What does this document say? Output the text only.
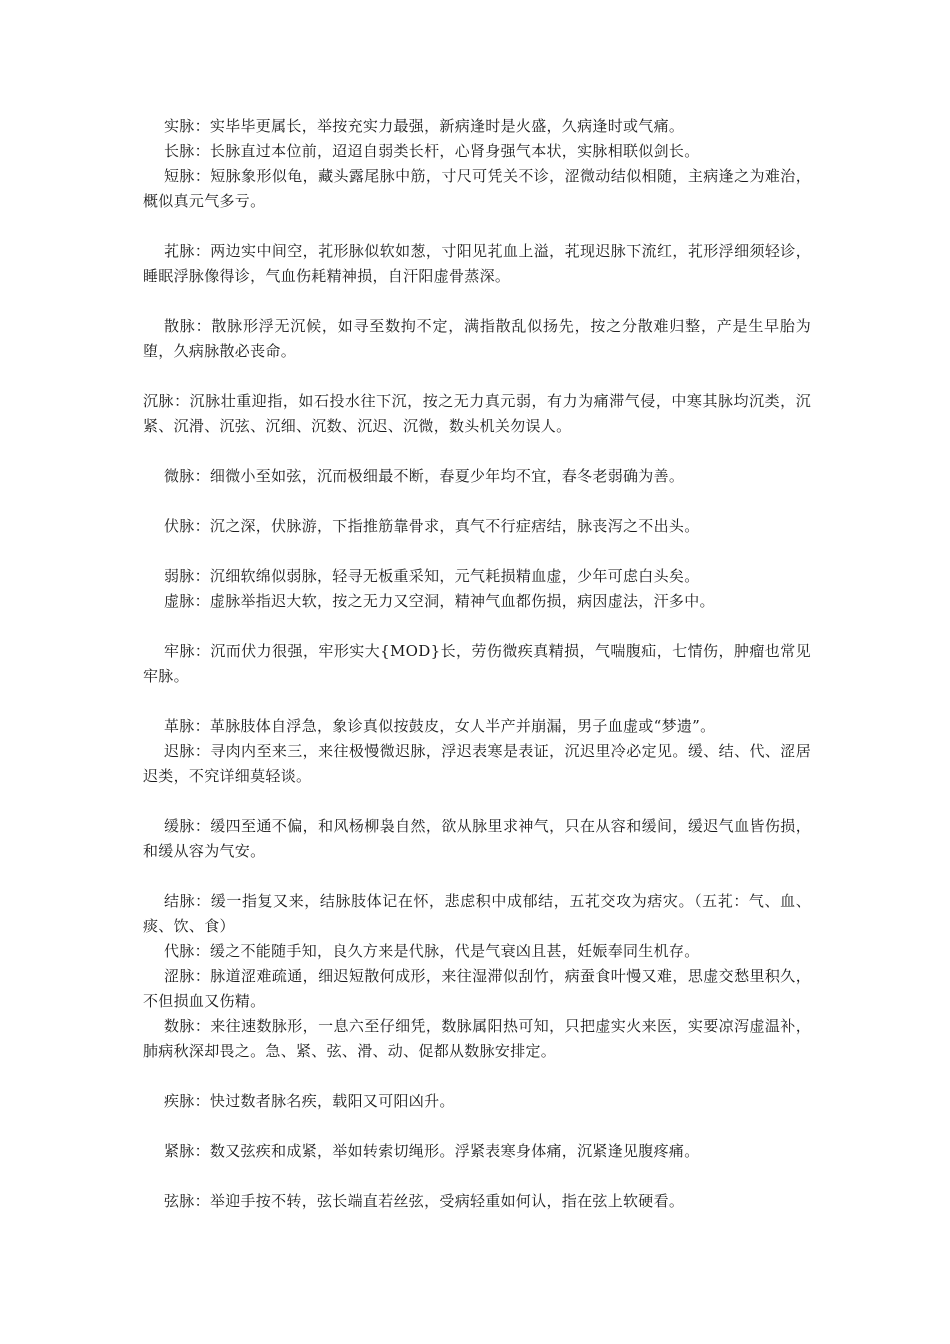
实脉：实毕毕更属长，举按充实力最强，新病逢时是火盛，久病逢时或气痛。

长脉：长脉直过本位前，迢迢自弱类长杆，心肾身强气本状，实脉相联似剑长。

短脉：短脉象形似龟，藏头露尾脉中筋，寸尺可凭关不诊，涩微动结似相随，主病逢之为难治，概似真元气多亏。

芤脉：两边实中间空，芤形脉似软如葱，寸阳见芤血上溢，芤现迟脉下流红，芤形浮细须轻诊，睡眠浮脉像得诊，气血伤耗精神损，自汗阳虚骨蒸深。

散脉：散脉形浮无沉候，如寻至数拘不定，满指散乱似扬先，按之分散难归整，产是生早胎为堕，久病脉散必丧命。

沉脉：沉脉壮重迎指，如石投水往下沉，按之无力真元弱，有力为痛滞气侵，中寒其脉均沉类，沉紧、沉滑、沉弦、沉细、沉数、沉迟、沉微，数头机关勿误人。

微脉：细微小至如弦，沉而极细最不断，春夏少年均不宜，春冬老弱确为善。

伏脉：沉之深，伏脉游，下指推筋靠骨求，真气不行症痞结，脉丧泻之不出头。

弱脉：沉细软绵似弱脉，轻寻无板重采知，元气耗损精血虚，少年可虑白头矣。

虚脉：虚脉举指迟大软，按之无力又空洞，精神气血都伤损，病因虚法，汗多中。

牢脉：沉而伏力很强，牢形实大{MOD}长，劳伤微疾真精损，气喘腹疝，七情伤，肿瘤也常见牢脉。

革脉：革脉肢体自浮急，象诊真似按鼓皮，女人半产并崩漏，男子血虚或“梦遗”。

迟脉：寻肉内至来三，来往极慢微迟脉，浮迟表寒是表证，沉迟里冷必定见。缓、结、代、涩居迟类，不究详细莫轻谈。

缓脉：缓四至通不偏，和风杨柳袅自然，欲从脉里求神气，只在从容和缓间，缓迟气血皆伤损，和缓从容为气安。

结脉：缓一指复又来，结脉肢体记在怀，悲虑积中成郁结，五芤交攻为痞灾。（五芤：气、血、痰、饮、食）

代脉：缓之不能随手知，良久方来是代脉，代是气衰凶且甚，妊娠奉同生机存。

涩脉：脉道涩难疏通，细迟短散何成形，来往湿滞似刮竹，病蚕食叶慢又难，思虚交愁里积久，不但损血又伤精。

数脉：来往速数脉形，一息六至仔细凭，数脉属阳热可知，只把虚实火来医，实要凉泻虚温补，肺病秋深却畏之。急、紧、弦、滑、动、促都从数脉安排定。

疾脉：快过数者脉名疾，载阳又可阳凶升。

紧脉：数又弦疾和成紧，举如转索切绳形。浮紧表寒身体痛，沉紧逢见腹疼痛。

弦脉：举迎手按不转，弦长端直若丝弦，受病轻重如何认，指在弦上软硬看。
